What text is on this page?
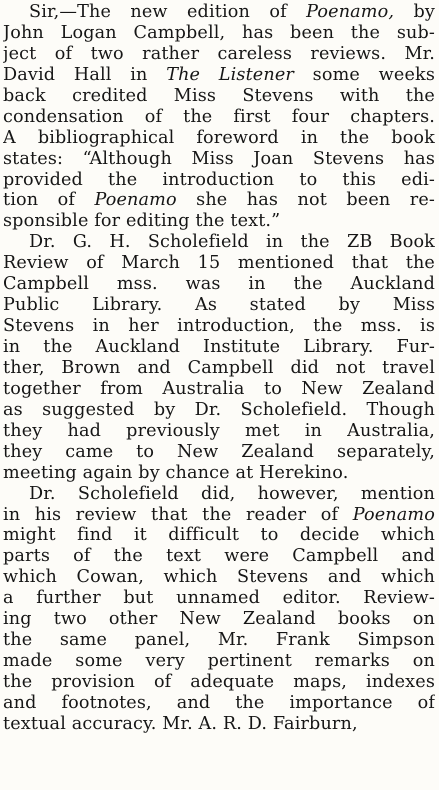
Sir,—The new edition of Poenamo, by
John Logan Campbell, has been the sub-
ject of two rather careless reviews. Mr.
David Hall in The Listener some weeks
back credited Miss Stevens with the
condensation of the first four chapters.
A bibliographical foreword in the book
states: “Although Miss Joan Stevens has
provided the introduction to this edi-
tion of Poenamo she has not been re-
sponsible for editing the text.”
Dr. G. H. Scholefield in the ZB Book
Review of March 15 mentioned that the
Campbell mss. was in the Auckland
Public Library. As stated by Miss
Stevens in her introduction, the mss. is
in the Auckland Institute Library. Fur-
ther, Brown and Campbell did not travel
together from Australia to New Zealand
as suggested by Dr. Scholefield. Though
they had previously met in Australia,
they came to New Zealand separately,
meeting again by chance at Herekino.
Dr. Scholefield did, however, mention
in his review that the reader of Poenamo
might find it difficult to decide which
parts of the text were Campbell and
which Cowan, which Stevens and which
a further but unnamed editor. Review-
ing two other New Zealand books on
the same panel, Mr. Frank Simpson
made some very pertinent remarks on
the provision of adequate maps, indexes
and footnotes, and the importance of
textual accuracy. Mr. A. R. D. Fairburn,
